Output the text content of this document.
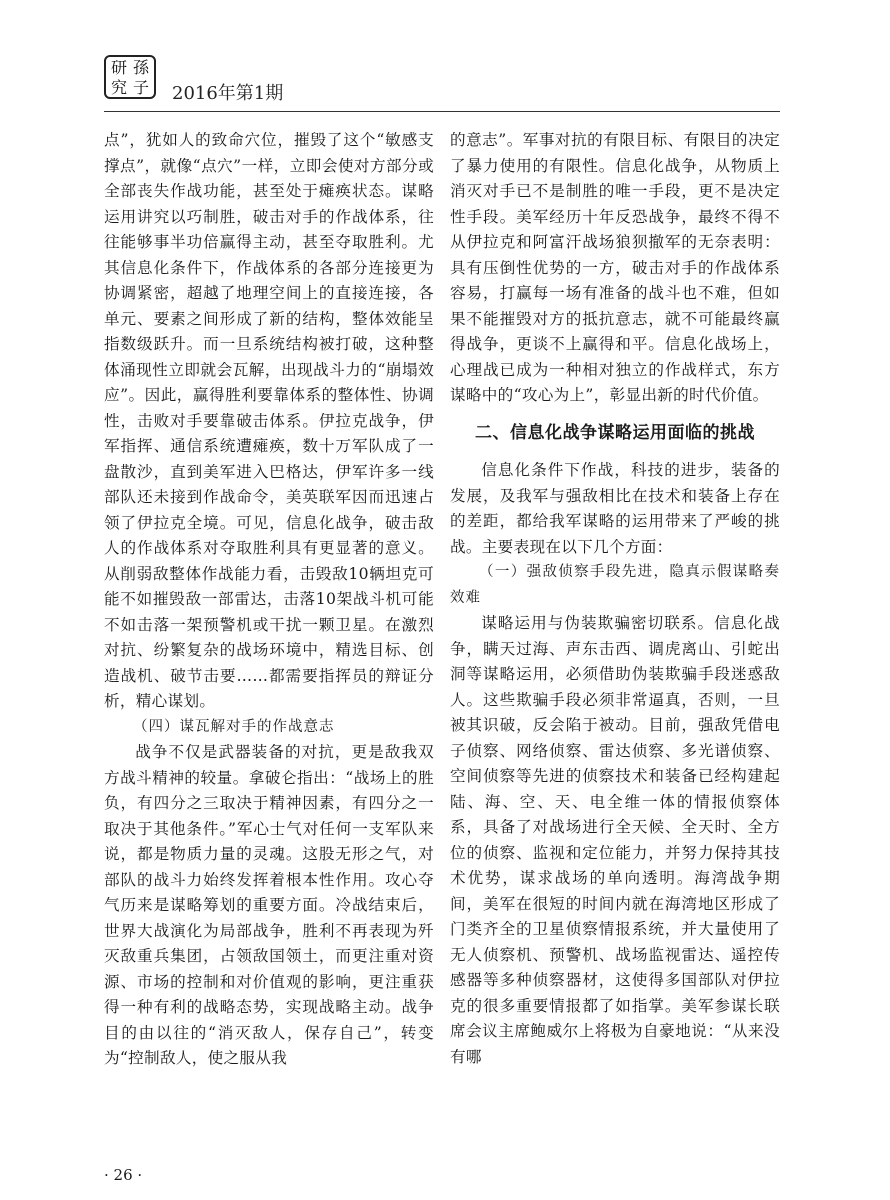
研 孫
究 子 2016年第1期

点”，犹如人的致命穴位，摧毁了这个“敏感支撑点”，就像“点穴”一样，立即会使对方部分或全部丧失作战功能，甚至处于瘫痪状态。谋略运用讲究以巧制胜，破击对手的作战体系，往往能够事半功倍赢得主动，甚至夺取胜利。尤其信息化条件下，作战体系的各部分连接更为协调紧密，超越了地理空间上的直接连接，各单元、要素之间形成了新的结构，整体效能呈指数级跃升。而一旦系统结构被打破，这种整体涌现性立即就会瓦解，出现战斗力的“崩塌效应”。因此，赢得胜利要靠体系的整体性、协调性，击败对手要靠破击体系。伊拉克战争，伊军指挥、通信系统遭瘫痪，数十万军队成了一盘散沙，直到美军进入巴格达，伊军许多一线部队还未接到作战命令，美英联军因而迅速占领了伊拉克全境。可见，信息化战争，破击敌人的作战体系对夺取胜利具有更显著的意义。从削弱敌整体作战能力看，击毁敌10辆坦克可能不如摧毁敌一部雷达，击落10架战斗机可能不如击落一架预警机或干扰一颗卫星。在激烈对抗、纷繁复杂的战场环境中，精选目标、创造战机、破节击要……都需要指挥员的辩证分析，精心谋划。

（四）谋瓦解对手的作战意志

战争不仅是武器装备的对抗，更是敌我双方战斗精神的较量。拿破仑指出：“战场上的胜负，有四分之三取决于精神因素，有四分之一取决于其他条件。”军心士气对任何一支军队来说，都是物质力量的灵魂。这股无形之气，对部队的战斗力始终发挥着根本性作用。攻心夺气历来是谋略筹划的重要方面。冷战结束后，世界大战演化为局部战争，胜利不再表现为歼灭敌重兵集团，占领敌国领土，而更注重对资源、市场的控制和对价值观的影响，更注重获得一种有利的战略态势，实现战略主动。战争目的由以往的“消灭敌人，保存自己”，转变为“控制敌人，使之服从我

的意志”。军事对抗的有限目标、有限目的决定了暴力使用的有限性。信息化战争，从物质上消灭对手已不是制胜的唯一手段，更不是决定性手段。美军经历十年反恐战争，最终不得不从伊拉克和阿富汗战场狼狈撤军的无奈表明：具有压倒性优势的一方，破击对手的作战体系容易，打赢每一场有准备的战斗也不难，但如果不能摧毁对方的抵抗意志，就不可能最终赢得战争，更谈不上赢得和平。信息化战场上，心理战已成为一种相对独立的作战样式，东方谋略中的“攻心为上”，彰显出新的时代价值。

二、信息化战争谋略运用面临的挑战

信息化条件下作战，科技的进步，装备的发展，及我军与强敌相比在技术和装备上存在的差距，都给我军谋略的运用带来了严峻的挑战。主要表现在以下几个方面：

（一）强敌侦察手段先进，隐真示假谋略奏效难

谋略运用与伪装欺骗密切联系。信息化战争，瞒天过海、声东击西、调虎离山、引蛇出洞等谋略运用，必须借助伪装欺骗手段迷惑敌人。这些欺骗手段必须非常逼真，否则，一旦被其识破，反会陷于被动。目前，强敌凭借电子侦察、网络侦察、雷达侦察、多光谱侦察、空间侦察等先进的侦察技术和装备已经构建起陆、海、空、天、电全维一体的情报侦察体系，具备了对战场进行全天候、全天时、全方位的侦察、监视和定位能力，并努力保持其技术优势，谋求战场的单向透明。海湾战争期间，美军在很短的时间内就在海湾地区形成了门类齐全的卫星侦察情报系统，并大量使用了无人侦察机、预警机、战场监视雷达、遥控传感器等多种侦察器材，这使得多国部队对伊拉克的很多重要情报都了如指掌。美军参谋长联席会议主席鲍威尔上将极为自豪地说：“从来没有哪

· 26 ·
